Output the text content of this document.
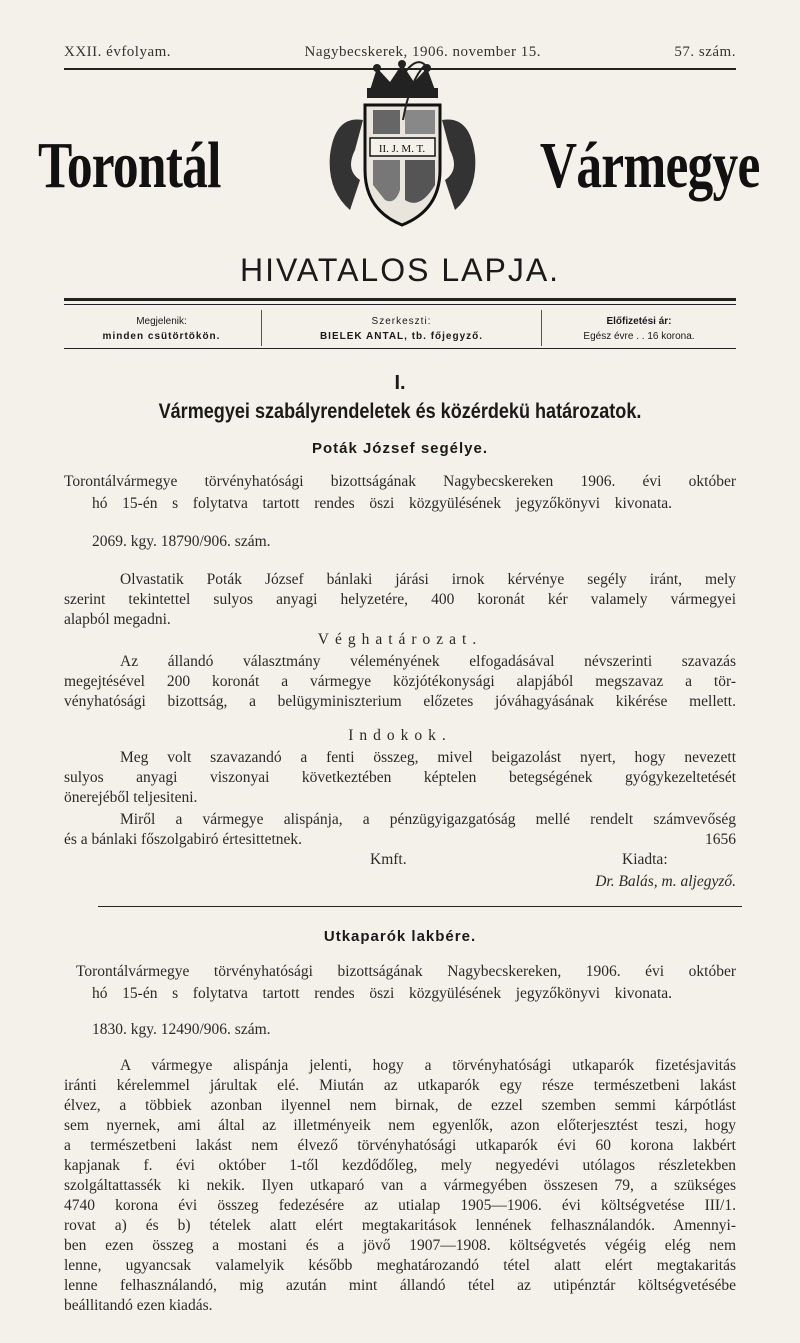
XXII. évfolyam.	Nagybecskerek, 1906. november 15.	57. szám.
Torontál	II. J. M. T. Vármegye
HIVATALOS LAPJA.
Megjelenik:
minden csütörtökön.
Szerkeszti:
BIELEK ANTAL, tb. főjegyző.
Előfizetési ár:
Egész évre . . 16 korona.
I.
Vármegyei szabályrendeletek és közérdekü határozatok.
Poták József segélye.
Torontálvármegye törvényhatósági bizottságának Nagybecskereken 1906. évi október
hó 15-én s folytatva tartott rendes öszi közgyülésének jegyzőkönyvi kivonata.
2069. kgy. 18790/906. szám.
Olvastatik Poták József bánlaki járási irnok kérvénye segély iránt, mely
szerint tekintettel sulyos anyagi helyzetére, 400 koronát kér valamely vármegyei
alapból megadni.
Véghatározat.
Az állandó választmány véleményének elfogadásával névszerinti szavazás
megejtésével 200 koronát a vármegye közjótékonysági alapjából megszavaz a tör-
vényhatósági bizottság, a belügyminiszterium előzetes jóváhagyásának kikérése mellett.
Indokok.
Meg volt szavazandó a fenti összeg, mivel beigazolást nyert, hogy nevezett
sulyos anyagi viszonyai következtében képtelen betegségének gyógykezeltetését
önerejéből teljesiteni.
Miről a vármegye alispánja, a pénzügyigazgatóság mellé rendelt számvevőség
és a bánlaki főszolgabiró értesittetnek.	1656
Kmft.	Kiadta:
Dr. Balás, m. aljegyző.
Utkaparók lakbére.
Torontálvármegye törvényhatósági bizottságának Nagybecskereken, 1906. évi október
hó 15-én s folytatva tartott rendes öszi közgyülésének jegyzőkönyvi kivonata.
1830. kgy. 12490/906. szám.
A vármegye alispánja jelenti, hogy a törvényhatósági utkaparók fizetésjavitás
iránti kérelemmel járultak elé. Miután az utkaparók egy része természetbeni lakást
élvez, a többiek azonban ilyennel nem birnak, de ezzel szemben semmi kárpótlást
sem nyernek, ami által az illetményeik nem egyenlők, azon előterjesztést teszi, hogy
a természetbeni lakást nem élvező törvényhatósági utkaparók évi 60 korona lakbért
kapjanak f. évi október 1-től kezdődőleg, mely negyedévi utólagos részletekben
szolgáltattassék ki nekik. Ilyen utkaparó van a vármegyében összesen 79, a szükséges
4740 korona évi összeg fedezésére az utialap 1905—1906. évi költségvetése III/1.
rovat a) és b) tételek alatt elért megtakaritások lennének felhasználandók. Amennyi-
ben ezen összeg a mostani és a jövő 1907—1908. költségvetés végéig elég nem
lenne, ugyancsak valamelyik később meghatározandó tétel alatt elért megtakaritás
lenne felhasználandó, mig azután mint állandó tétel az utipénztár költségvetésébe
beállitandó ezen kiadás.
